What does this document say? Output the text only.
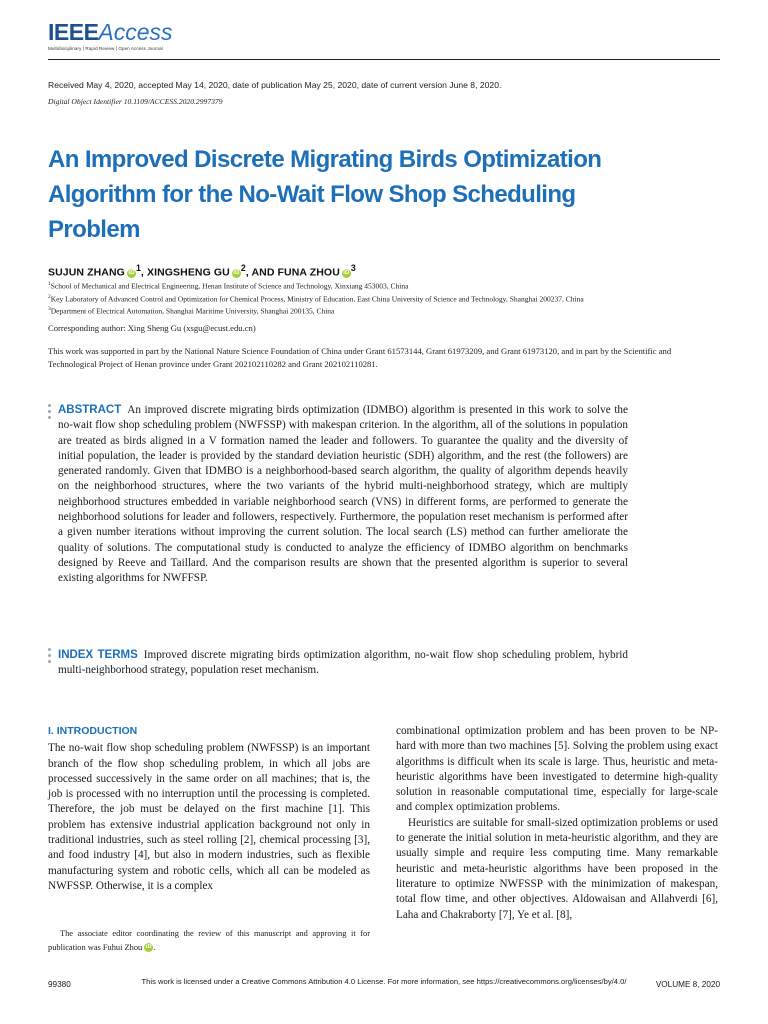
IEEEAccess
Multidisciplinary | Rapid Review | Open Access Journal
Received May 4, 2020, accepted May 14, 2020, date of publication May 25, 2020, date of current version June 8, 2020.
Digital Object Identifier 10.1109/ACCESS.2020.2997379
An Improved Discrete Migrating Birds Optimization Algorithm for the No-Wait Flow Shop Scheduling Problem
SUJUN ZHANG $iD^1$, XINGSHENG GU $iD^2$, AND FUNA ZHOU $iD^3$
$^1$School of Mechanical and Electrical Engineering, Henan Institute of Science and Technology, Xinxiang 453003, China
$^2$Key Laboratory of Advanced Control and Optimization for Chemical Process, Ministry of Education, East China University of Science and Technology, Shanghai 200237, China
$^3$Department of Electrical Automation, Shanghai Maritime University, Shanghai 200135, China
Corresponding author: Xing Sheng Gu (xsgu@ecust.edu.cn)
This work was supported in part by the National Nature Science Foundation of China under Grant 61573144, Grant 61973209, and Grant 61973120, and in part by the Scientific and Technological Project of Henan province under Grant 202102110282 and Grant 202102110281.
ABSTRACT An improved discrete migrating birds optimization (IDMBO) algorithm is presented in this work to solve the no-wait flow shop scheduling problem (NWFSSP) with makespan criterion. In the algorithm, all of the solutions in population are treated as birds aligned in a V formation named the leader and followers. To guarantee the quality and the diversity of initial population, the leader is provided by the standard deviation heuristic (SDH) algorithm, and the rest (the followers) are generated randomly. Given that IDMBO is a neighborhood-based search algorithm, the quality of algorithm depends heavily on the neighborhood structures, where the two variants of the hybrid multi-neighborhood strategy, which are multiply neighborhood structures embedded in variable neighborhood search (VNS) in different forms, are performed to generate the neighborhood solutions for leader and followers, respectively. Furthermore, the population reset mechanism is performed after a given number iterations without improving the current solution. The local search (LS) method can further ameliorate the quality of solutions. The computational study is conducted to analyze the efficiency of IDMBO algorithm on benchmarks designed by Reeve and Taillard. And the comparison results are shown that the presented algorithm is superior to several existing algorithms for NWFFSP.
INDEX TERMS Improved discrete migrating birds optimization algorithm, no-wait flow shop scheduling problem, hybrid multi-neighborhood strategy, population reset mechanism.
I. INTRODUCTION

The no-wait flow shop scheduling problem (NWFSSP) is an important branch of the flow shop scheduling problem, in which all jobs are processed successively in the same order on all machines; that is, the job is processed with no interruption until the processing is completed. Therefore, the job must be delayed on the first machine [1]. This problem has extensive industrial application background not only in traditional industries, such as steel rolling [2], chemical processing [3], and food industry [4], but also in modern industries, such as flexible manufacturing system and robotic cells, which all can be modeled as NWFSSP. Otherwise, it is a complex

combinational optimization problem and has been proven to be NP-hard with more than two machines [5]. Solving the problem using exact algorithms is difficult when its scale is large. Thus, heuristic and meta-heuristic algorithms have been investigated to determine high-quality solution in reasonable computational time, especially for large-scale and complex optimization problems.

Heuristics are suitable for small-sized optimization problems or used to generate the initial solution in meta-heuristic algorithm, and they are usually simple and require less computing time. Many remarkable heuristic and meta-heuristic algorithms have been proposed in the literature to optimize NWFSSP with the minimization of makespan, total flow time, and other objectives. Aldowaisan and Allahverdi [6], Laha and Chakraborty [7], Ye et al. [8],

The associate editor coordinating the review of this manuscript and approving it for publication was Fuhui Zhou iD .
99380	This work is licensed under a Creative Commons Attribution 4.0 License. For more information, see https://creativecommons.org/licenses/by/4.0/	VOLUME 8, 2020
